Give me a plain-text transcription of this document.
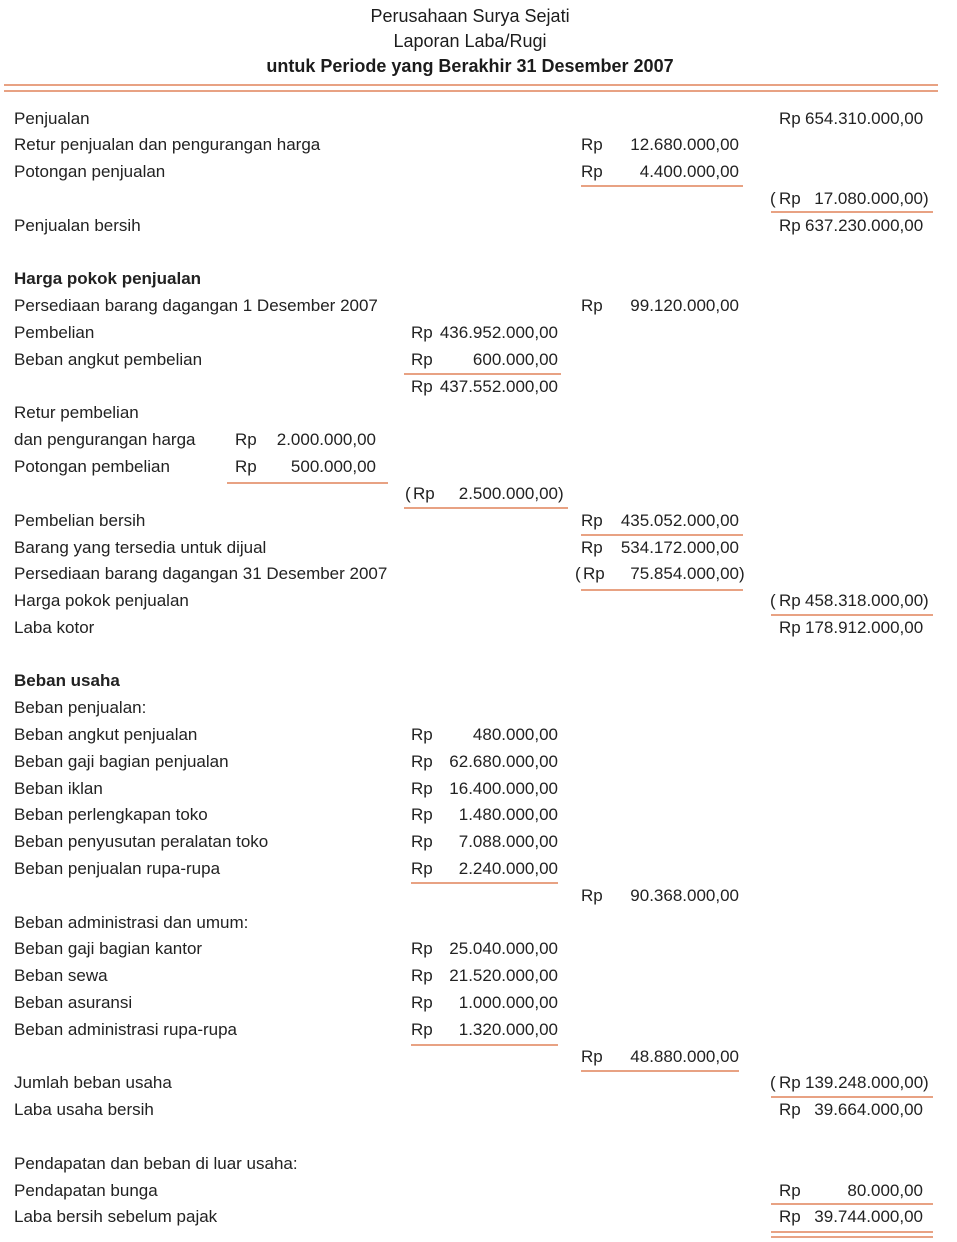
Perusahaan Surya Sejati
Laporan Laba/Rugi
untuk Periode yang Berakhir 31 Desember 2007
Penjualan	Rp 654.310.000,00
Retur penjualan dan pengurangan harga	Rp	12.680.000,00
Potongan penjualan	Rp	4.400.000,00
( Rp 17.080.000,00 )
Penjualan bersih	Rp 637.230.000,00
Harga pokok penjualan
Persediaan barang dagangan 1 Desember 2007	Rp	99.120.000,00
Pembelian	Rp 436.952.000,00
Beban angkut pembelian	Rp	600.000,00
Rp 437.552.000,00
Retur pembelian
dan pengurangan harga Rp	2.000.000,00
Potongan pembelian	Rp	500.000,00
( Rp	2.500.000,00 )
Pembelian bersih	Rp	435.052.000,00
Barang yang tersedia untuk dijual	Rp	534.172.000,00
Persediaan barang dagangan 31 Desember 2007	( Rp	75.854.000,00 )
Harga pokok penjualan	( Rp 458.318.000,00 )
Laba kotor	Rp 178.912.000,00
Beban usaha
Beban penjualan:
Beban angkut penjualan	Rp	480.000,00
Beban gaji bagian penjualan	Rp 62.680.000,00
Beban iklan	Rp 16.400.000,00
Beban perlengkapan toko	Rp	1.480.000,00
Beban penyusutan peralatan toko	Rp	7.088.000,00
Beban penjualan rupa-rupa	Rp	2.240.000,00
Rp	90.368.000,00
Beban administrasi dan umum:
Beban gaji bagian kantor	Rp 25.040.000,00
Beban sewa	Rp 21.520.000,00
Beban asuransi	Rp	1.000.000,00
Beban administrasi rupa-rupa	Rp	1.320.000,00
Rp	48.880.000,00
Jumlah beban usaha	( Rp 139.248.000,00 )
Laba usaha bersih	Rp 39.664.000,00
Pendapatan dan beban di luar usaha:
Pendapatan bunga	Rp	80.000,00
Laba bersih sebelum pajak	Rp 39.744.000,00
